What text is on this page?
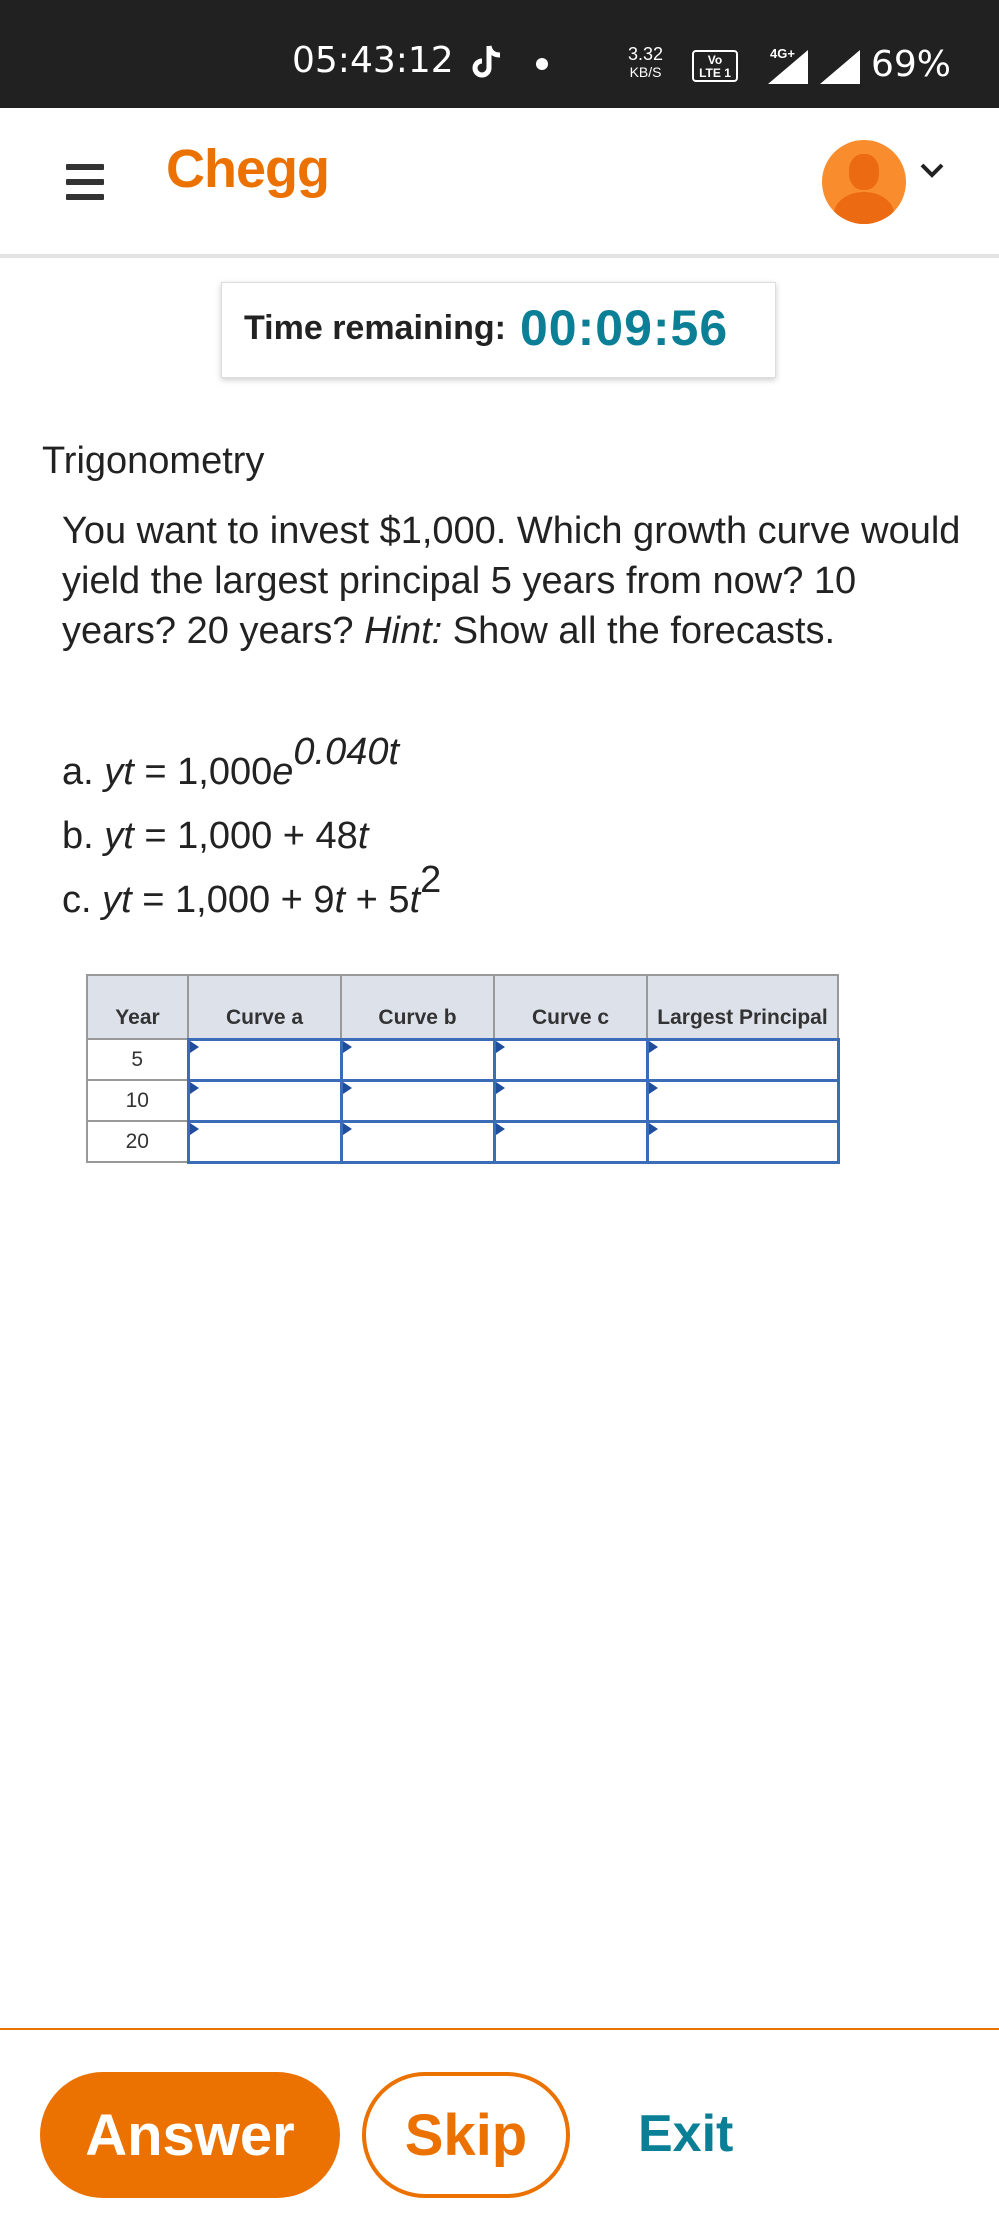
05:43:12	3.32
KB/S
Vo
LTE 1
4G+ 69%
Chegg
Time remaining: 00:09:56
Trigonometry
You want to invest $1,000. Which growth curve would yield the largest principal 5 years from now? 10 years? 20 years? Hint: Show all the forecasts.
a. yt = 1,000e0.040t
b. yt = 1,000 + 48t
c. yt = 1,000 + 9t + 5t2
Year	Curve a	Curve b	Curve c	Largest Principal
5				
10				
20				
Answer	Skip	Exit
